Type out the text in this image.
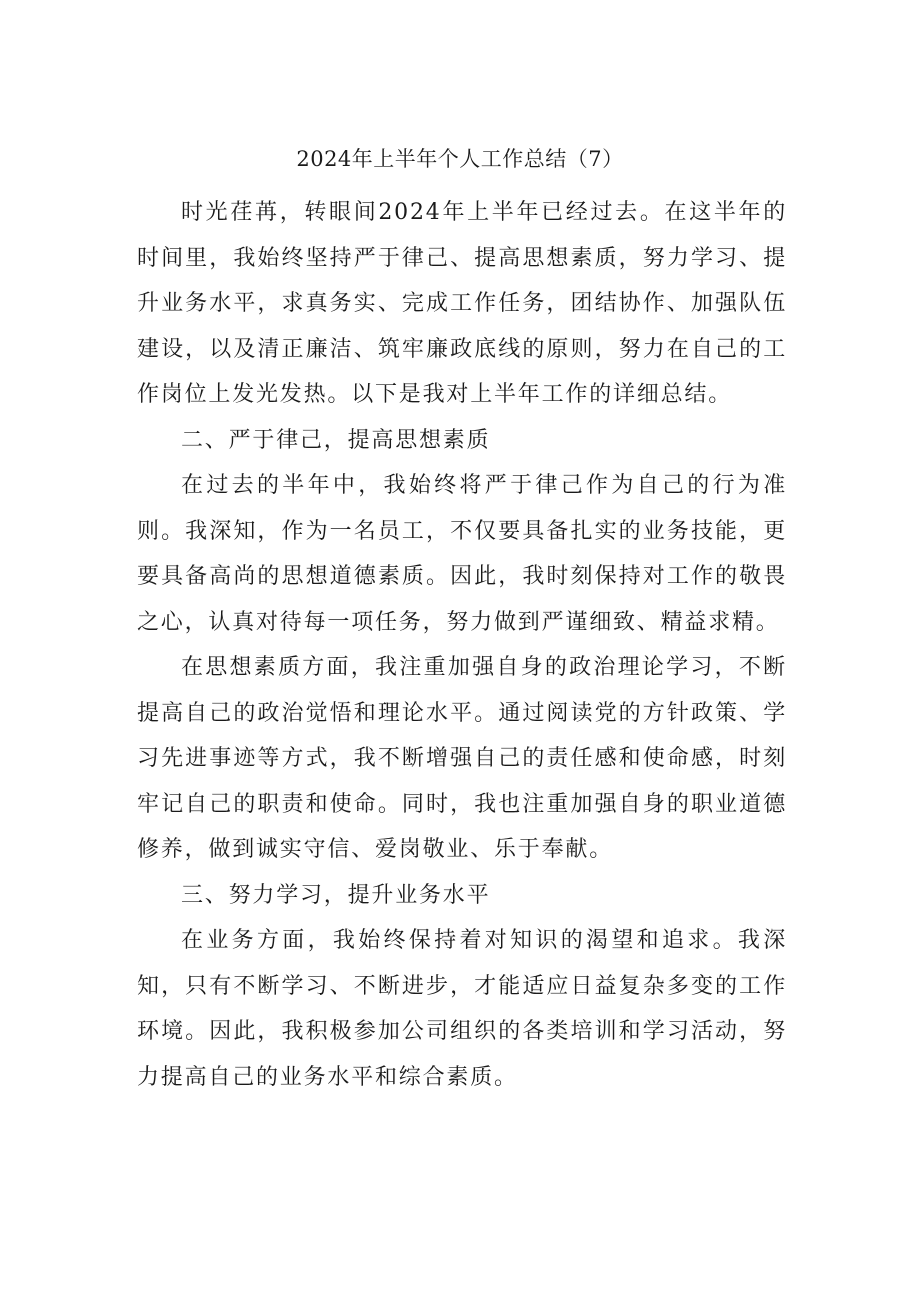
2024年上半年个人工作总结（7）

时光荏苒，转眼间2024年上半年已经过去。在这半年的时间里，我始终坚持严于律己、提高思想素质，努力学习、提升业务水平，求真务实、完成工作任务，团结协作、加强队伍建设，以及清正廉洁、筑牢廉政底线的原则，努力在自己的工作岗位上发光发热。以下是我对上半年工作的详细总结。

二、严于律己，提高思想素质

在过去的半年中，我始终将严于律己作为自己的行为准则。我深知，作为一名员工，不仅要具备扎实的业务技能，更要具备高尚的思想道德素质。因此，我时刻保持对工作的敬畏之心，认真对待每一项任务，努力做到严谨细致、精益求精。

在思想素质方面，我注重加强自身的政治理论学习，不断提高自己的政治觉悟和理论水平。通过阅读党的方针政策、学习先进事迹等方式，我不断增强自己的责任感和使命感，时刻牢记自己的职责和使命。同时，我也注重加强自身的职业道德修养，做到诚实守信、爱岗敬业、乐于奉献。

三、努力学习，提升业务水平

在业务方面，我始终保持着对知识的渴望和追求。我深知，只有不断学习、不断进步，才能适应日益复杂多变的工作环境。因此，我积极参加公司组织的各类培训和学习活动，努力提高自己的业务水平和综合素质。
